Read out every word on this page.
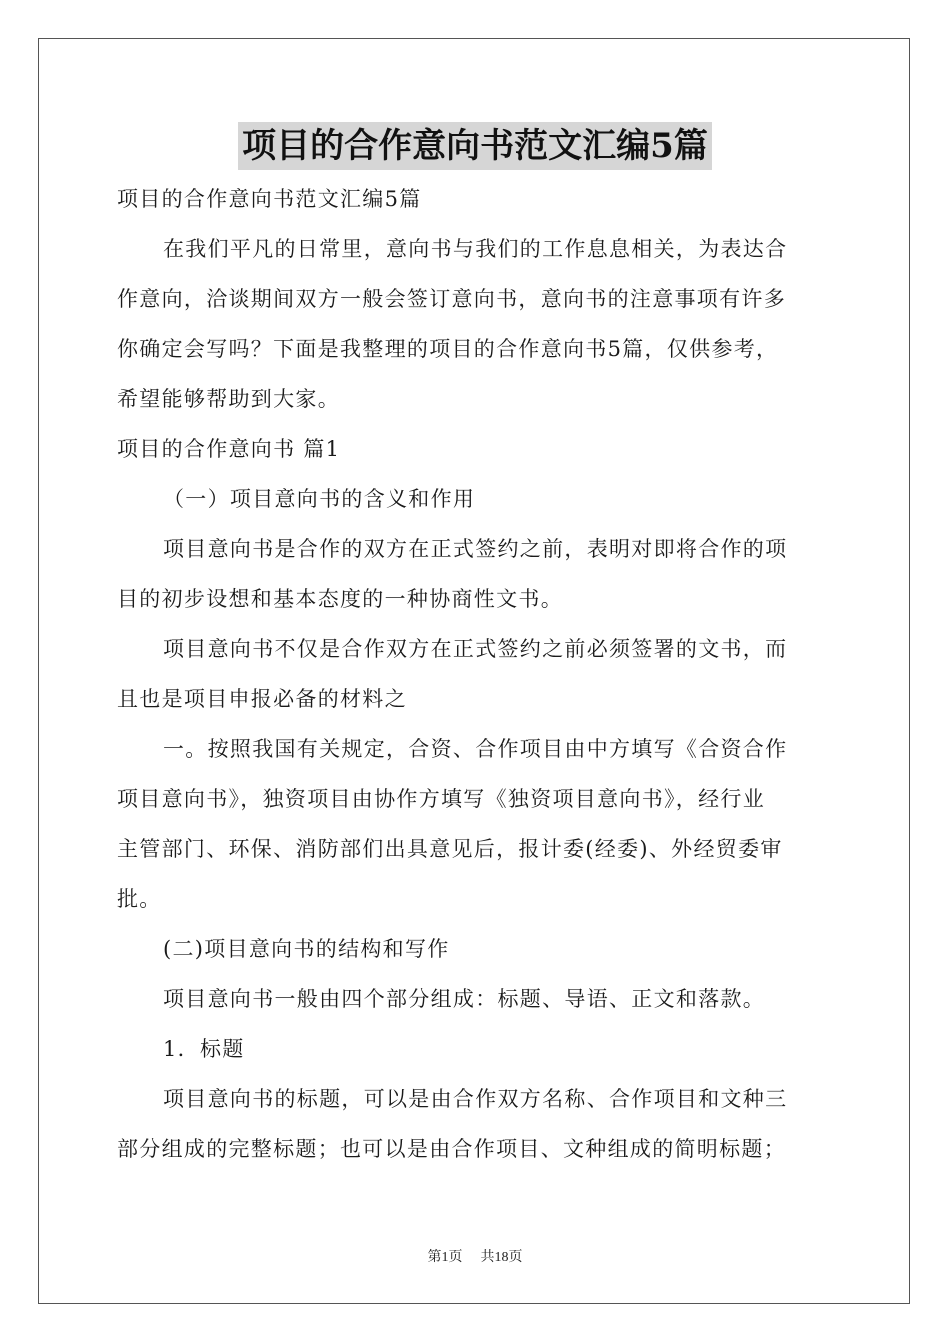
项目的合作意向书范文汇编5篇
项目的合作意向书范文汇编5篇
在我们平凡的日常里，意向书与我们的工作息息相关，为表达合
作意向，洽谈期间双方一般会签订意向书，意向书的注意事项有许多
你确定会写吗？下面是我整理的项目的合作意向书5篇，仅供参考，
希望能够帮助到大家。
项目的合作意向书 篇1
（一）项目意向书的含义和作用
项目意向书是合作的双方在正式签约之前，表明对即将合作的项
目的初步设想和基本态度的一种协商性文书。
项目意向书不仅是合作双方在正式签约之前必须签署的文书，而
且也是项目申报必备的材料之
一。按照我国有关规定，合资、合作项目由中方填写《合资合作
项目意向书》，独资项目由协作方填写《独资项目意向书》，经行业
主管部门、环保、消防部们出具意见后，报计委(经委)、外经贸委审
批。
(二)项目意向书的结构和写作
项目意向书一般由四个部分组成：标题、导语、正文和落款。
1．标题
项目意向书的标题，可以是由合作双方名称、合作项目和文种三
部分组成的完整标题；也可以是由合作项目、文种组成的简明标题；
第1页 共18页
